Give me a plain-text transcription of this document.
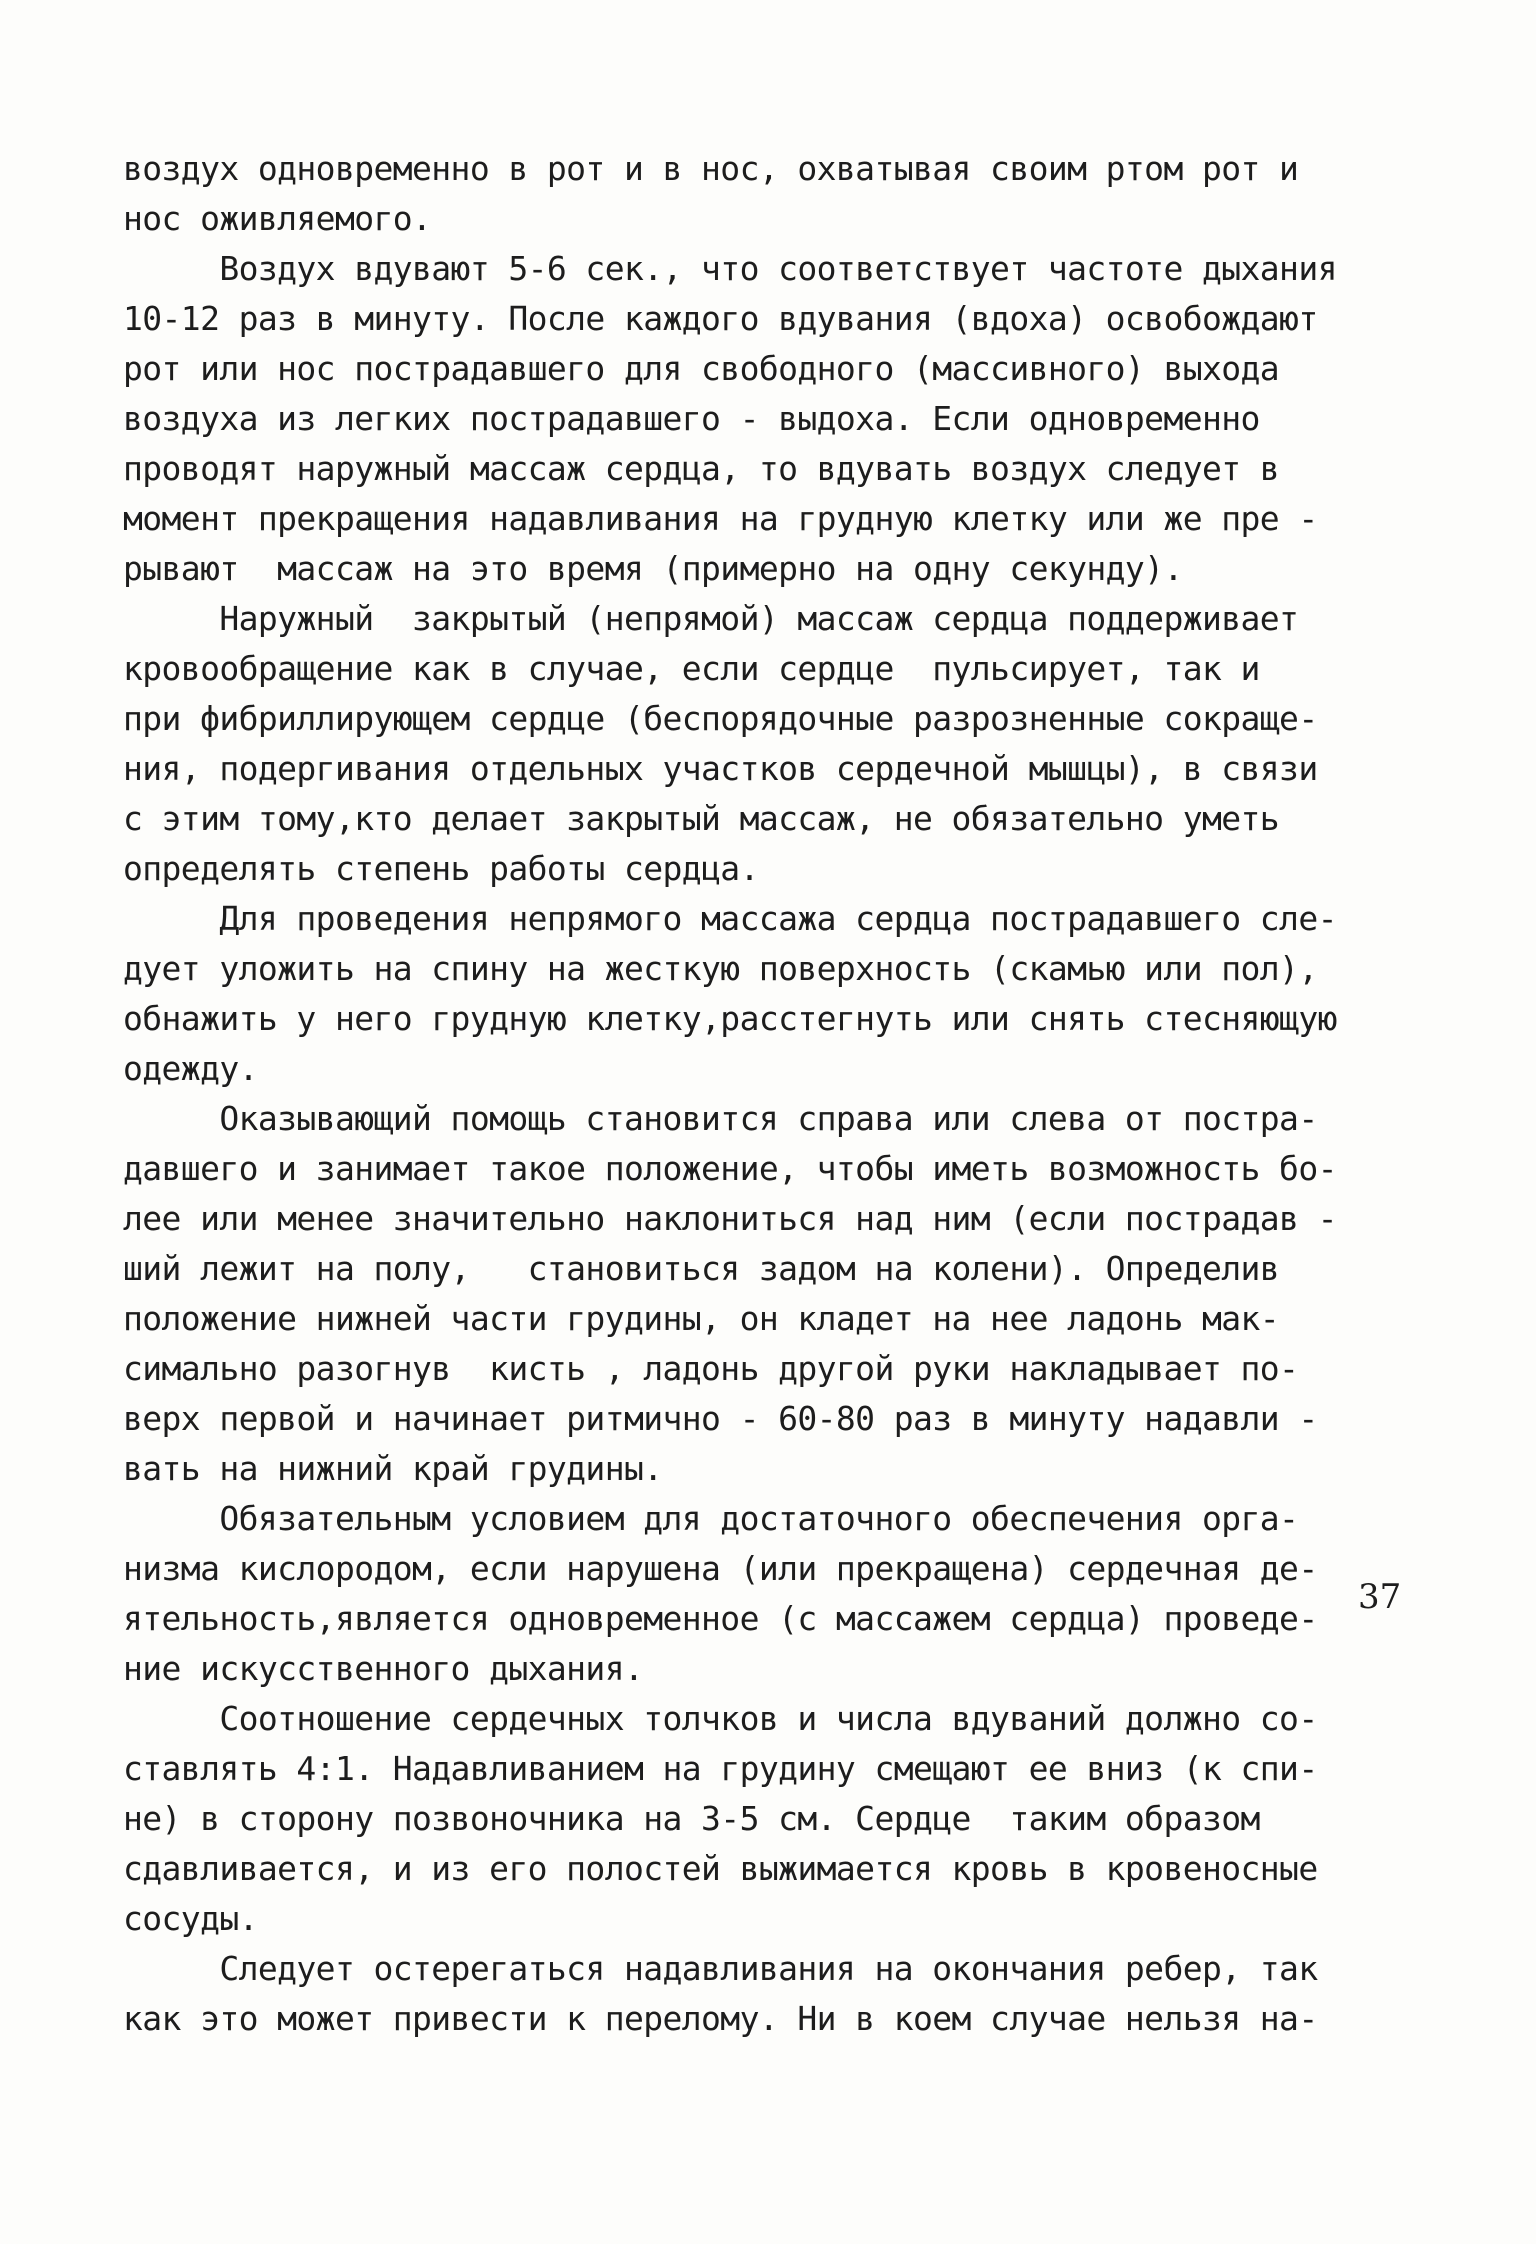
воздух одновременно в рот и в нос, охватывая своим ртом рот и
нос оживляемого.
Воздух вдувают 5-6 сек., что соответствует частоте дыхания
10-12 раз в минуту. После каждого вдувания (вдоха) освобождают
рот или нос пострадавшего для свободного (массивного) выхода
воздуха из легких пострадавшего - выдоха. Если одновременно
проводят наружный массаж сердца, то вдувать воздух следует в
момент прекращения надавливания на грудную клетку или же пре -
рывают  массаж на это время (примерно на одну секунду).
Наружный  закрытый (непрямой) массаж сердца поддерживает
кровообращение как в случае, если сердце  пульсирует, так и
при фибриллирующем сердце (беспорядочные разрозненные сокраще-
ния, подергивания отдельных участков сердечной мышцы), в связи
с этим тому,кто делает закрытый массаж, не обязательно уметь
определять степень работы сердца.
Для проведения непрямого массажа сердца пострадавшего сле-
дует уложить на спину на жесткую поверхность (скамью или пол),
обнажить у него грудную клетку,расстегнуть или снять стесняющую
одежду.
Оказывающий помощь становится справа или слева от постра-
давшего и занимает такое положение, чтобы иметь возможность бо-
лее или менее значительно наклониться над ним (если пострадав -
ший лежит на полу,   становиться задом на колени). Определив
положение нижней части грудины, он кладет на нее ладонь мак-
симально разогнув  кисть , ладонь другой руки накладывает по-
верх первой и начинает ритмично - 60-80 раз в минуту надавли -
вать на нижний край грудины.
Обязательным условием для достаточного обеспечения орга-
низма кислородом, если нарушена (или прекращена) сердечная де-
ятельность,является одновременное (с массажем сердца) проведе-
ние искусственного дыхания.
Соотношение сердечных толчков и числа вдуваний должно со-
ставлять 4:1. Надавливанием на грудину смещают ее вниз (к спи-
не) в сторону позвоночника на 3-5 см. Сердце  таким образом
сдавливается, и из его полостей выжимается кровь в кровеносные
сосуды.
Следует остерегаться надавливания на окончания ребер, так
как это может привести к перелому. Ни в коем случае нельзя на-
37
